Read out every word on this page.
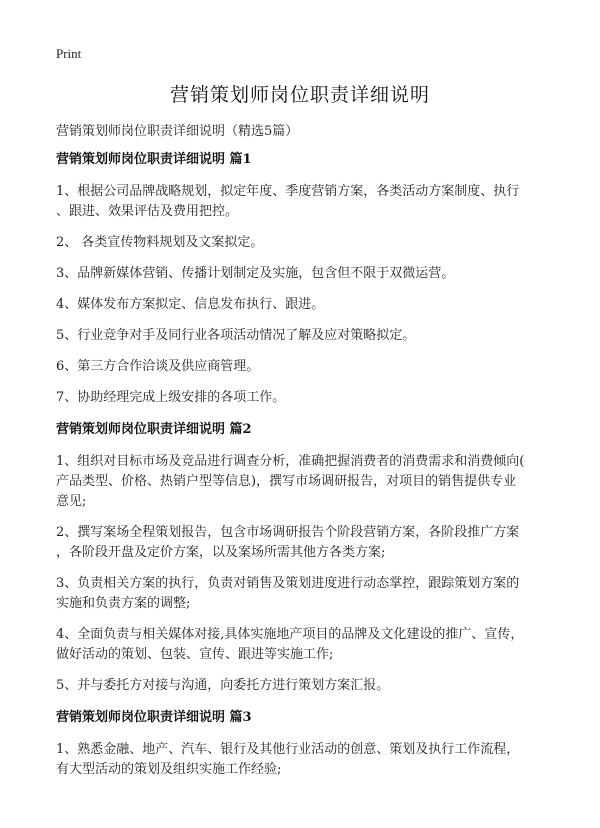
Print
营销策划师岗位职责详细说明
营销策划师岗位职责详细说明（精选5篇）
营销策划师岗位职责详细说明 篇1
1、根据公司品牌战略规划，拟定年度、季度营销方案，各类活动方案制度、执行
、跟进、效果评估及费用把控。
2、 各类宣传物料规划及文案拟定。
3、品牌新媒体营销、传播计划制定及实施，包含但不限于双微运营。
4、媒体发布方案拟定、信息发布执行、跟进。
5、行业竞争对手及同行业各项活动情况了解及应对策略拟定。
6、第三方合作洽谈及供应商管理。
7、协助经理完成上级安排的各项工作。
营销策划师岗位职责详细说明 篇2
1、组织对目标市场及竞品进行调查分析，准确把握消费者的消费需求和消费倾向(
产品类型、价格、热销户型等信息)，撰写市场调研报告，对项目的销售提供专业
意见;
2、撰写案场全程策划报告，包含市场调研报告个阶段营销方案，各阶段推广方案
，各阶段开盘及定价方案，以及案场所需其他方各类方案;
3、负责相关方案的执行，负责对销售及策划进度进行动态掌控，跟踪策划方案的
实施和负责方案的调整;
4、全面负责与相关媒体对接,具体实施地产项目的品牌及文化建设的推广、宣传，
做好活动的策划、包装、宣传、跟进等实施工作;
5、并与委托方对接与沟通，向委托方进行策划方案汇报。
营销策划师岗位职责详细说明 篇3
1、熟悉金融、地产、汽车、银行及其他行业活动的创意、策划及执行工作流程，
有大型活动的策划及组织实施工作经验;
